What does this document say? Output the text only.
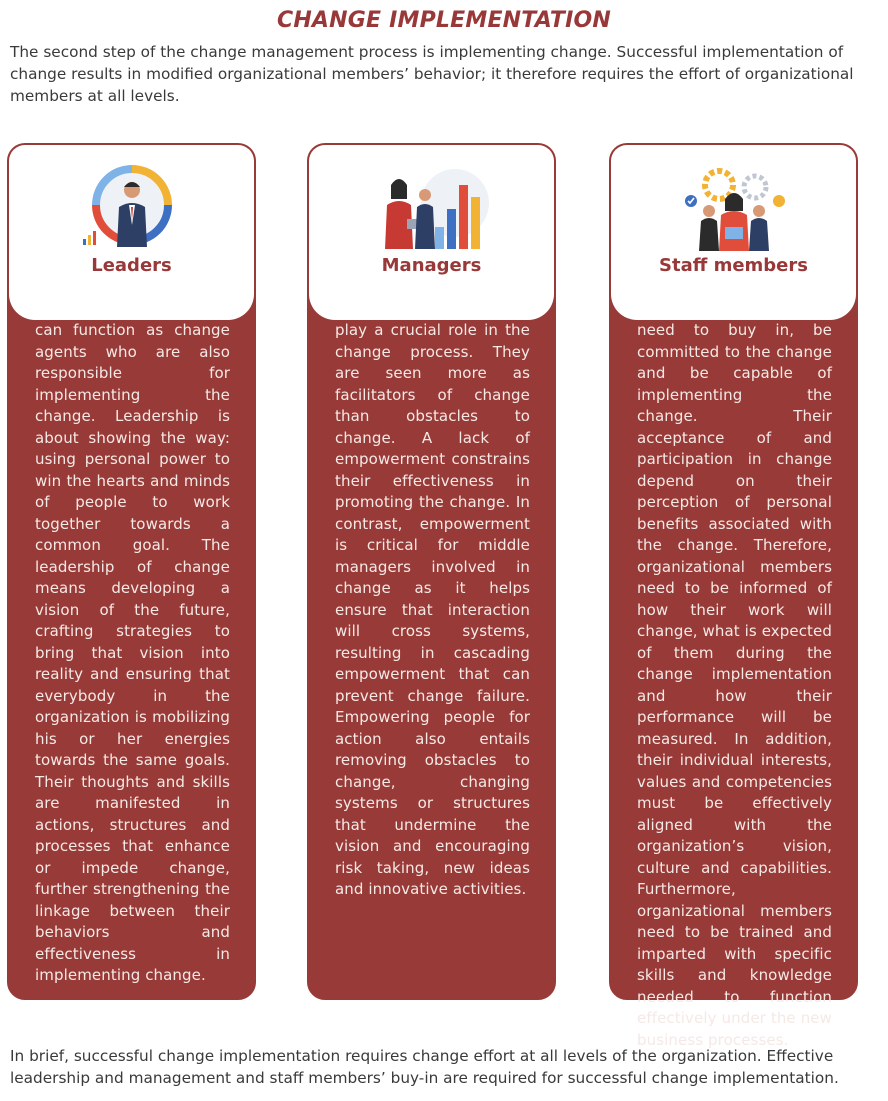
CHANGE IMPLEMENTATION

The second step of the change management process is implementing change. Successful implementation of change results in modified organizational members’ behavior; it therefore requires the effort of organizational members at all levels.

Leaders

can function as change agents who are also responsible for implementing the change. Leadership is about showing the way: using personal power to win the hearts and minds of people to work together towards a common goal. The leadership of change means developing a vision of the future, crafting strategies to bring that vision into reality and ensuring that everybody in the organization is mobilizing his or her energies towards the same goals. Their thoughts and skills are manifested in actions, structures and processes that enhance or impede change, further strengthening the linkage between their behaviors and effectiveness in implementing change.

Managers

play a crucial role in the change process. They are seen more as facilitators of change than obstacles to change. A lack of empowerment constrains their effectiveness in promoting the change. In contrast, empowerment is critical for middle managers involved in change as it helps ensure that interaction will cross systems, resulting in cascading empowerment that can prevent change failure. Empowering people for action also entails removing obstacles to change, changing systems or structures that undermine the vision and encouraging risk taking, new ideas and innovative activities.

Staff members

need to buy in, be committed to the change and be capable of implementing the change. Their acceptance of and participation in change depend on their perception of personal benefits associated with the change. Therefore, organizational members need to be informed of how their work will change, what is expected of them during the change implementation and how their performance will be measured. In addition, their individual interests, values and competencies must be effectively aligned with the organization’s vision, culture and capabilities. Furthermore, organizational members need to be trained and imparted with specific skills and knowledge needed to function effectively under the new business processes.

In brief, successful change implementation requires change effort at all levels of the organization. Effective leadership and management and staff members’ buy-in are required for successful change implementation.
